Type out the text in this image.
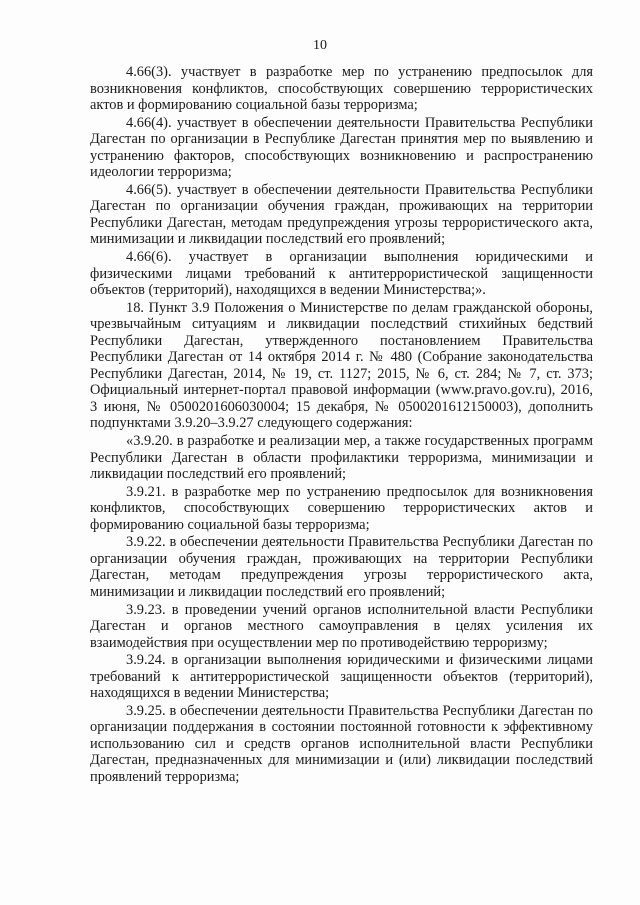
10

4.66(3). участвует в разработке мер по устранению предпосылок для возникновения конфликтов, способствующих совершению террористических актов и формированию социальной базы терроризма;

4.66(4). участвует в обеспечении деятельности Правительства Республики Дагестан по организации в Республике Дагестан принятия мер по выявлению и устранению факторов, способствующих возникновению и распространению идеологии терроризма;

4.66(5). участвует в обеспечении деятельности Правительства Республики Дагестан по организации обучения граждан, проживающих на территории Республики Дагестан, методам предупреждения угрозы террористического акта, минимизации и ликвидации последствий его проявлений;

4.66(6). участвует в организации выполнения юридическими и физическими лицами требований к антитеррористической защищенности объектов (территорий), находящихся в ведении Министерства;».

18. Пункт 3.9 Положения о Министерстве по делам гражданской обороны, чрезвычайным ситуациям и ликвидации последствий стихийных бедствий Республики Дагестан, утвержденного постановлением Правительства Республики Дагестан от 14 октября 2014 г. № 480 (Собрание законодательства Республики Дагестан, 2014, № 19, ст. 1127; 2015, № 6, ст. 284; № 7, ст. 373; Официальный интернет-портал правовой информации (www.pravo.gov.ru), 2016, 3 июня, № 0500201606030004; 15 декабря, № 0500201612150003), дополнить подпунктами 3.9.20–3.9.27 следующего содержания:

«3.9.20. в разработке и реализации мер, а также государственных программ Республики Дагестан в области профилактики терроризма, минимизации и ликвидации последствий его проявлений;

3.9.21. в разработке мер по устранению предпосылок для возникновения конфликтов, способствующих совершению террористических актов и формированию социальной базы терроризма;

3.9.22. в обеспечении деятельности Правительства Республики Дагестан по организации обучения граждан, проживающих на территории Республики Дагестан, методам предупреждения угрозы террористического акта, минимизации и ликвидации последствий его проявлений;

3.9.23. в проведении учений органов исполнительной власти Республики Дагестан и органов местного самоуправления в целях усиления их взаимодействия при осуществлении мер по противодействию терроризму;

3.9.24. в организации выполнения юридическими и физическими лицами требований к антитеррористической защищенности объектов (территорий), находящихся в ведении Министерства;

3.9.25. в обеспечении деятельности Правительства Республики Дагестан по организации поддержания в состоянии постоянной готовности к эффективному использованию сил и средств органов исполнительной власти Республики Дагестан, предназначенных для минимизации и (или) ликвидации последствий проявлений терроризма;
